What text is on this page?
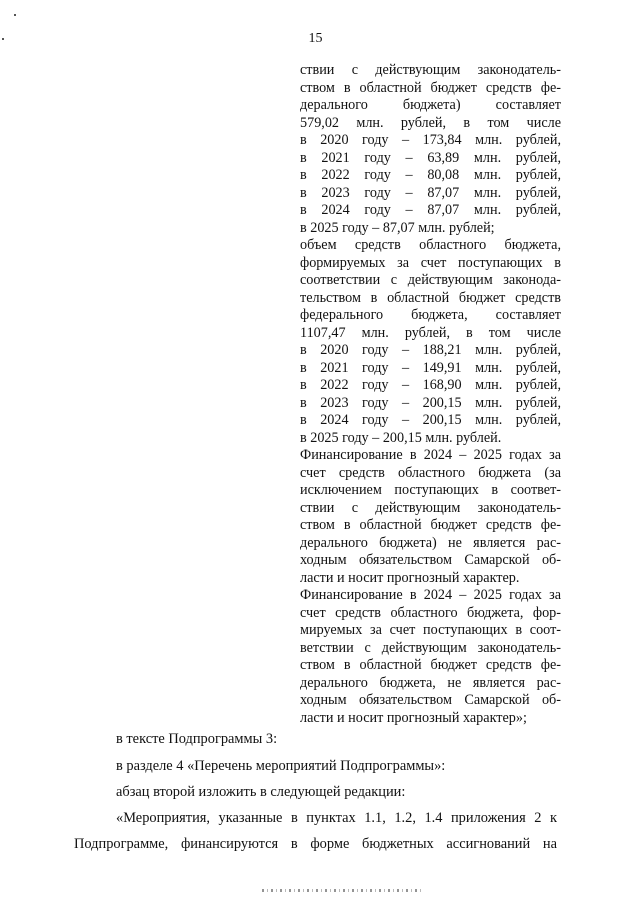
15
ствии с действующим законодатель-
ством в областной бюджет средств фе-
дерального бюджета) составляет
579,02 млн. рублей, в том числе
в 2020 году – 173,84 млн. рублей,
в 2021 году – 63,89 млн. рублей,
в 2022 году – 80,08 млн. рублей,
в 2023 году – 87,07 млн. рублей,
в 2024 году – 87,07 млн. рублей,
в 2025 году – 87,07 млн. рублей;
объем средств областного бюджета,
формируемых за счет поступающих в
соответствии с действующим законода-
тельством в областной бюджет средств
федерального бюджета, составляет
1107,47 млн. рублей, в том числе
в 2020 году – 188,21 млн. рублей,
в 2021 году – 149,91 млн. рублей,
в 2022 году – 168,90 млн. рублей,
в 2023 году – 200,15 млн. рублей,
в 2024 году – 200,15 млн. рублей,
в 2025 году – 200,15 млн. рублей.
Финансирование в 2024 – 2025 годах за
счет средств областного бюджета (за
исключением поступающих в соответ-
ствии с действующим законодатель-
ством в областной бюджет средств фе-
дерального бюджета) не является рас-
ходным обязательством Самарской об-
ласти и носит прогнозный характер.
Финансирование в 2024 – 2025 годах за
счет средств областного бюджета, фор-
мируемых за счет поступающих в соот-
ветствии с действующим законодатель-
ством в областной бюджет средств фе-
дерального бюджета, не является рас-
ходным обязательством Самарской об-
ласти и носит прогнозный характер»;
в тексте Подпрограммы 3:
в разделе 4 «Перечень мероприятий Подпрограммы»:
абзац второй изложить в следующей редакции:
«Мероприятия, указанные в пунктах 1.1, 1.2, 1.4 приложения 2 к
Подпрограмме, финансируются в форме бюджетных ассигнований на
